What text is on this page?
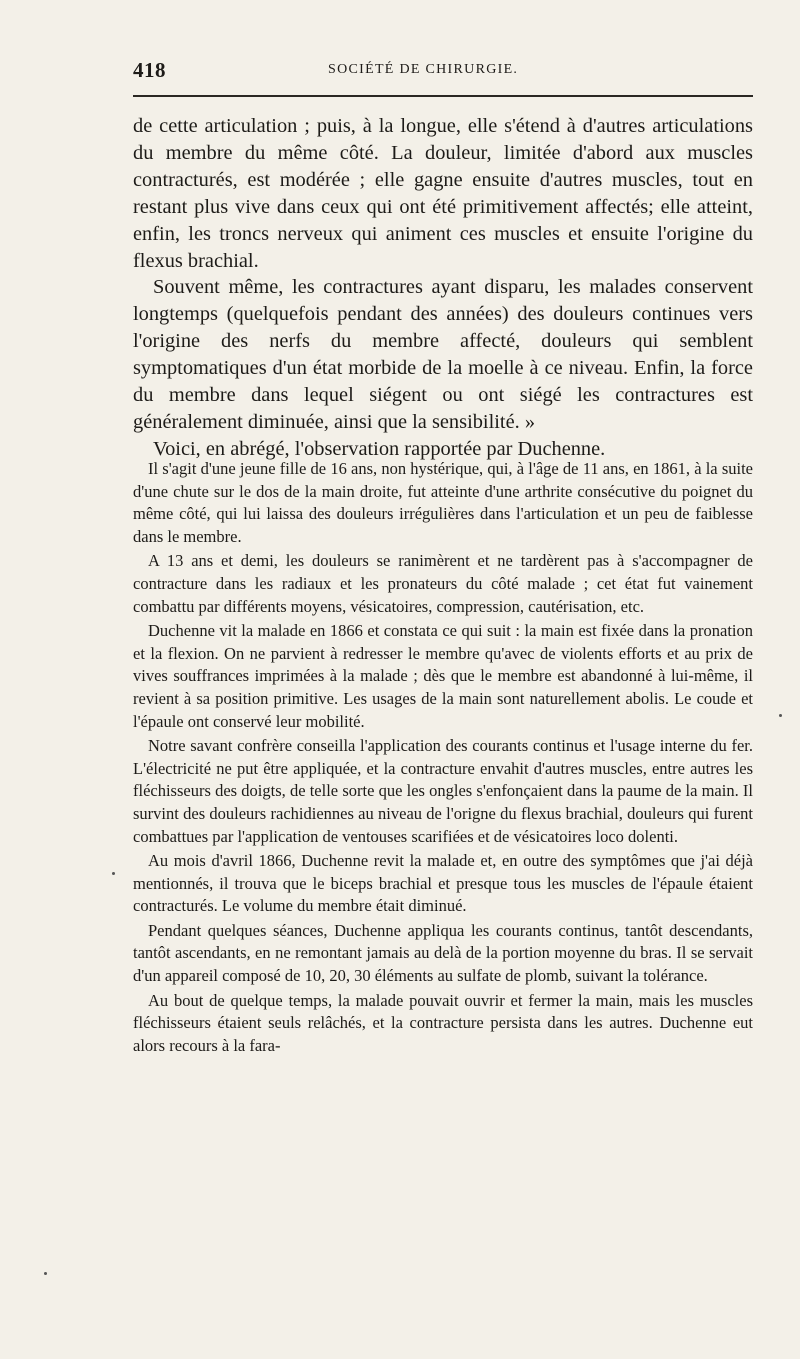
418	SOCIÉTÉ DE CHIRURGIE.

de cette articulation ; puis, à la longue, elle s'étend à d'autres articulations du membre du même côté. La douleur, limitée d'abord aux muscles contracturés, est modérée ; elle gagne ensuite d'autres muscles, tout en restant plus vive dans ceux qui ont été primitivement affectés; elle atteint, enfin, les troncs nerveux qui animent ces muscles et ensuite l'origine du flexus brachial.

Souvent même, les contractures ayant disparu, les malades conservent longtemps (quelquefois pendant des années) des douleurs continues vers l'origine des nerfs du membre affecté, douleurs qui semblent symptomatiques d'un état morbide de la moelle à ce niveau. Enfin, la force du membre dans lequel siégent ou ont siégé les contractures est généralement diminuée, ainsi que la sensibilité. »

Voici, en abrégé, l'observation rapportée par Duchenne.

Il s'agit d'une jeune fille de 16 ans, non hystérique, qui, à l'âge de 11 ans, en 1861, à la suite d'une chute sur le dos de la main droite, fut atteinte d'une arthrite consécutive du poignet du même côté, qui lui laissa des douleurs irrégulières dans l'articulation et un peu de faiblesse dans le membre.

A 13 ans et demi, les douleurs se ranimèrent et ne tardèrent pas à s'accompagner de contracture dans les radiaux et les pronateurs du côté malade ; cet état fut vainement combattu par différents moyens, vésicatoires, compression, cautérisation, etc.

Duchenne vit la malade en 1866 et constata ce qui suit : la main est fixée dans la pronation et la flexion. On ne parvient à redresser le membre qu'avec de violents efforts et au prix de vives souffrances imprimées à la malade ; dès que le membre est abandonné à lui-même, il revient à sa position primitive. Les usages de la main sont naturellement abolis. Le coude et l'épaule ont conservé leur mobilité.

Notre savant confrère conseilla l'application des courants continus et l'usage interne du fer. L'électricité ne put être appliquée, et la contracture envahit d'autres muscles, entre autres les fléchisseurs des doigts, de telle sorte que les ongles s'enfonçaient dans la paume de la main. Il survint des douleurs rachidiennes au niveau de l'origne du flexus brachial, douleurs qui furent combattues par l'application de ventouses scarifiées et de vésicatoires loco dolenti.

Au mois d'avril 1866, Duchenne revit la malade et, en outre des symptômes que j'ai déjà mentionnés, il trouva que le biceps brachial et presque tous les muscles de l'épaule étaient contracturés. Le volume du membre était diminué.

Pendant quelques séances, Duchenne appliqua les courants continus, tantôt descendants, tantôt ascendants, en ne remontant jamais au delà de la portion moyenne du bras. Il se servait d'un appareil composé de 10, 20, 30 éléments au sulfate de plomb, suivant la tolérance.

Au bout de quelque temps, la malade pouvait ouvrir et fermer la main, mais les muscles fléchisseurs étaient seuls relâchés, et la contracture persista dans les autres. Duchenne eut alors recours à la fara-
